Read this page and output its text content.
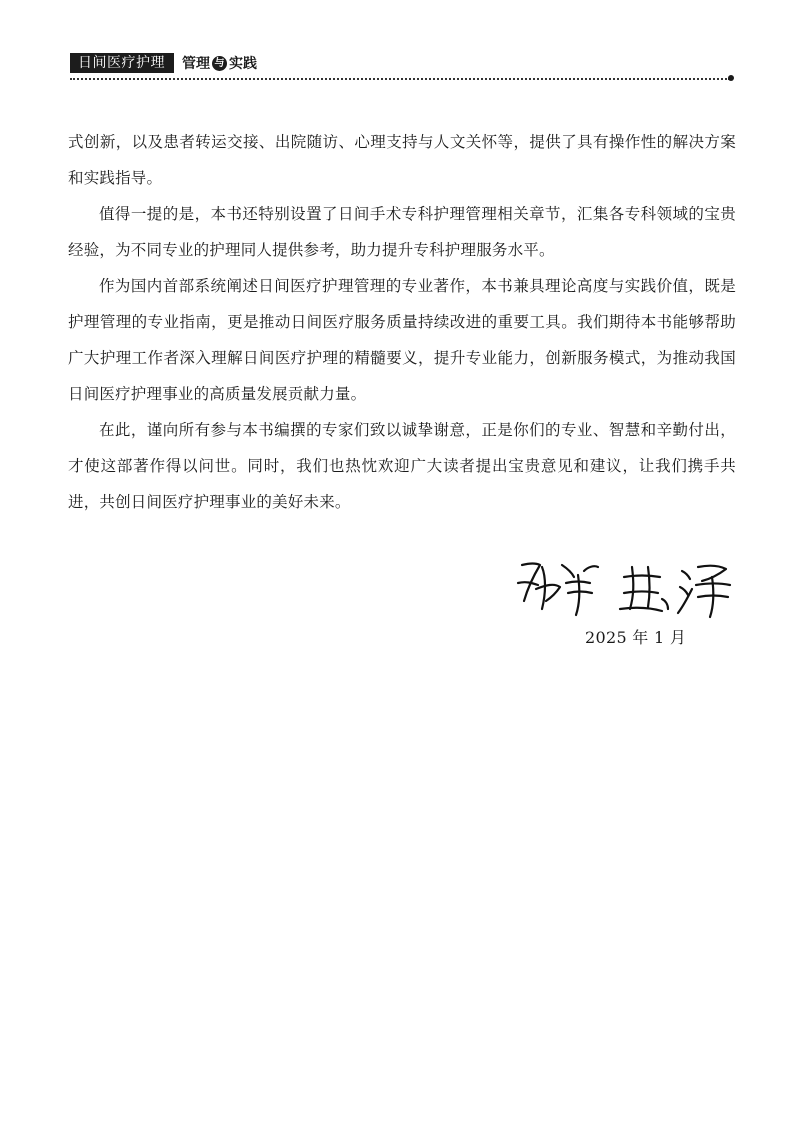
日间医疗护理	管理 与 实践

式创新，以及患者转运交接、出院随访、心理支持与人文关怀等，提供了具有操作性的解决方案和实践指导。

值得一提的是，本书还特别设置了日间手术专科护理管理相关章节，汇集各专科领域的宝贵经验，为不同专业的护理同人提供参考，助力提升专科护理服务水平。

作为国内首部系统阐述日间医疗护理管理的专业著作，本书兼具理论高度与实践价值，既是护理管理的专业指南，更是推动日间医疗服务质量持续改进的重要工具。我们期待本书能够帮助广大护理工作者深入理解日间医疗护理的精髓要义，提升专业能力，创新服务模式，为推动我国日间医疗护理事业的高质量发展贡献力量。

在此，谨向所有参与本书编撰的专家们致以诚挚谢意，正是你们的专业、智慧和辛勤付出，才使这部著作得以问世。同时，我们也热忱欢迎广大读者提出宝贵意见和建议，让我们携手共进，共创日间医疗护理事业的美好未来。

2025 年 1 月
